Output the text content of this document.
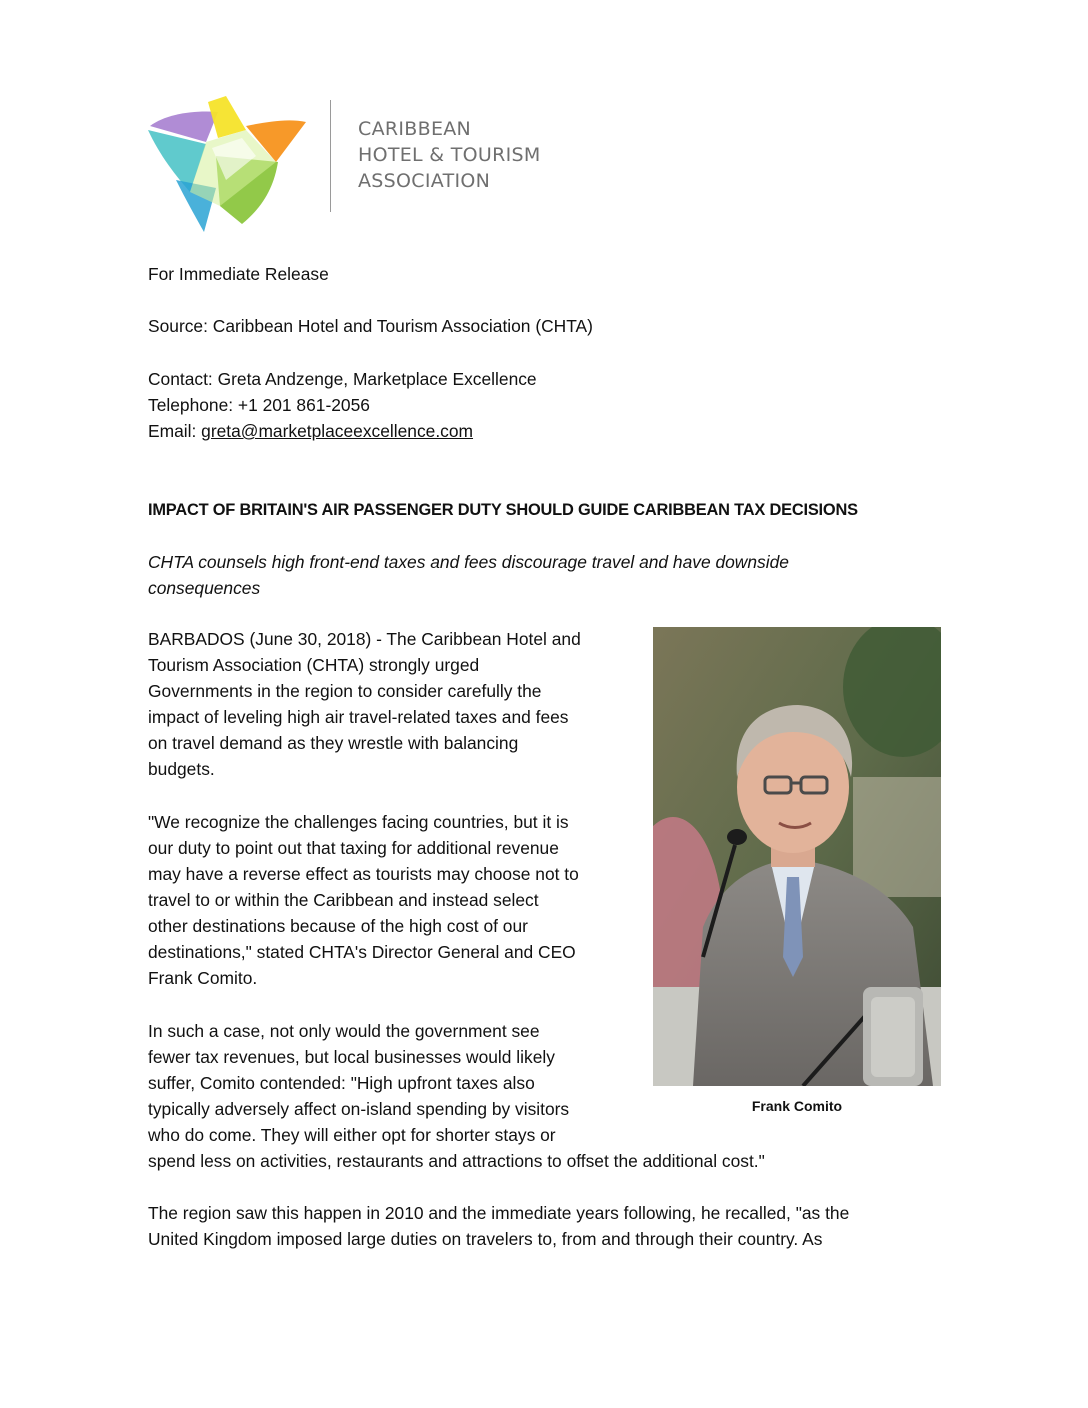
CARIBBEAN
HOTEL & TOURISM
ASSOCIATION
For Immediate Release
Source: Caribbean Hotel and Tourism Association (CHTA)
Contact: Greta Andzenge, Marketplace Excellence
Telephone: +1 201 861-2056
Email: greta@marketplaceexcellence.com
IMPACT OF BRITAIN'S AIR PASSENGER DUTY SHOULD GUIDE CARIBBEAN TAX DECISIONS
CHTA counsels high front-end taxes and fees discourage travel and have downside
consequences
BARBADOS (June 30, 2018) - The Caribbean Hotel and
Tourism Association (CHTA) strongly urged
Governments in the region to consider carefully the
impact of leveling high air travel-related taxes and fees
on travel demand as they wrestle with balancing
budgets.
"We recognize the challenges facing countries, but it is
our duty to point out that taxing for additional revenue
may have a reverse effect as tourists may choose not to
travel to or within the Caribbean and instead select
other destinations because of the high cost of our
destinations," stated CHTA's Director General and CEO
Frank Comito.
In such a case, not only would the government see
fewer tax revenues, but local businesses would likely
suffer, Comito contended: "High upfront taxes also
typically adversely affect on-island spending by visitors
who do come. They will either opt for shorter stays or
spend less on activities, restaurants and attractions to offset the additional cost."
The region saw this happen in 2010 and the immediate years following, he recalled, "as the
United Kingdom imposed large duties on travelers to, from and through their country. As
Frank Comito
